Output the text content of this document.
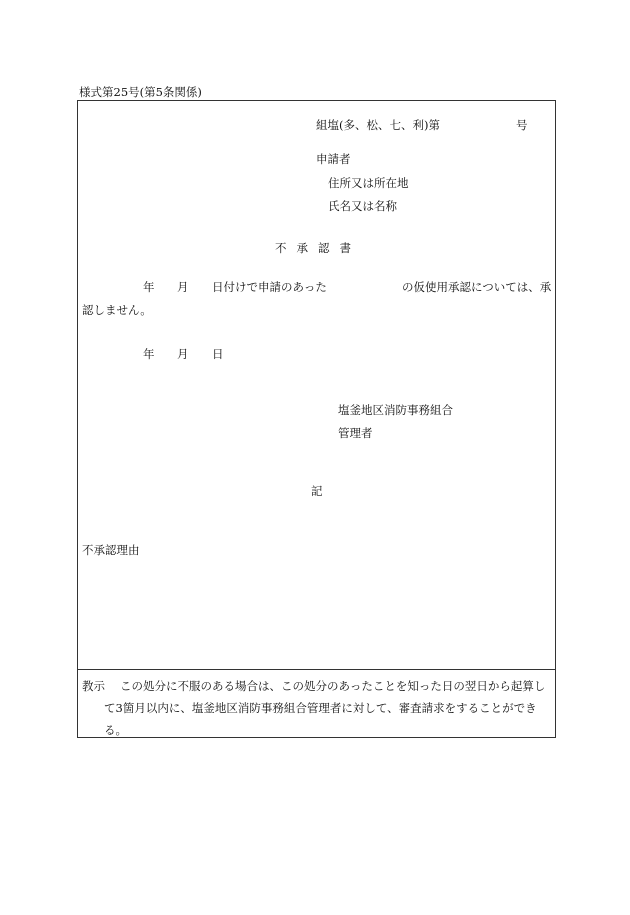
様式第25号(第5条関係)
組塩(多、松、七、利)第	号
申請者
住所又は所在地
氏名又は名称
不承認書
年 月 日付けで申請のあった	の仮使用承認については、承
認しません。
年 月 日
塩釜地区消防事務組合
管理者
記
不承認理由
教示 この処分に不服のある場合は、この処分のあったことを知った日の翌日から起算し
て3箇月以内に、塩釜地区消防事務組合管理者に対して、審査請求をすることができ
る。
